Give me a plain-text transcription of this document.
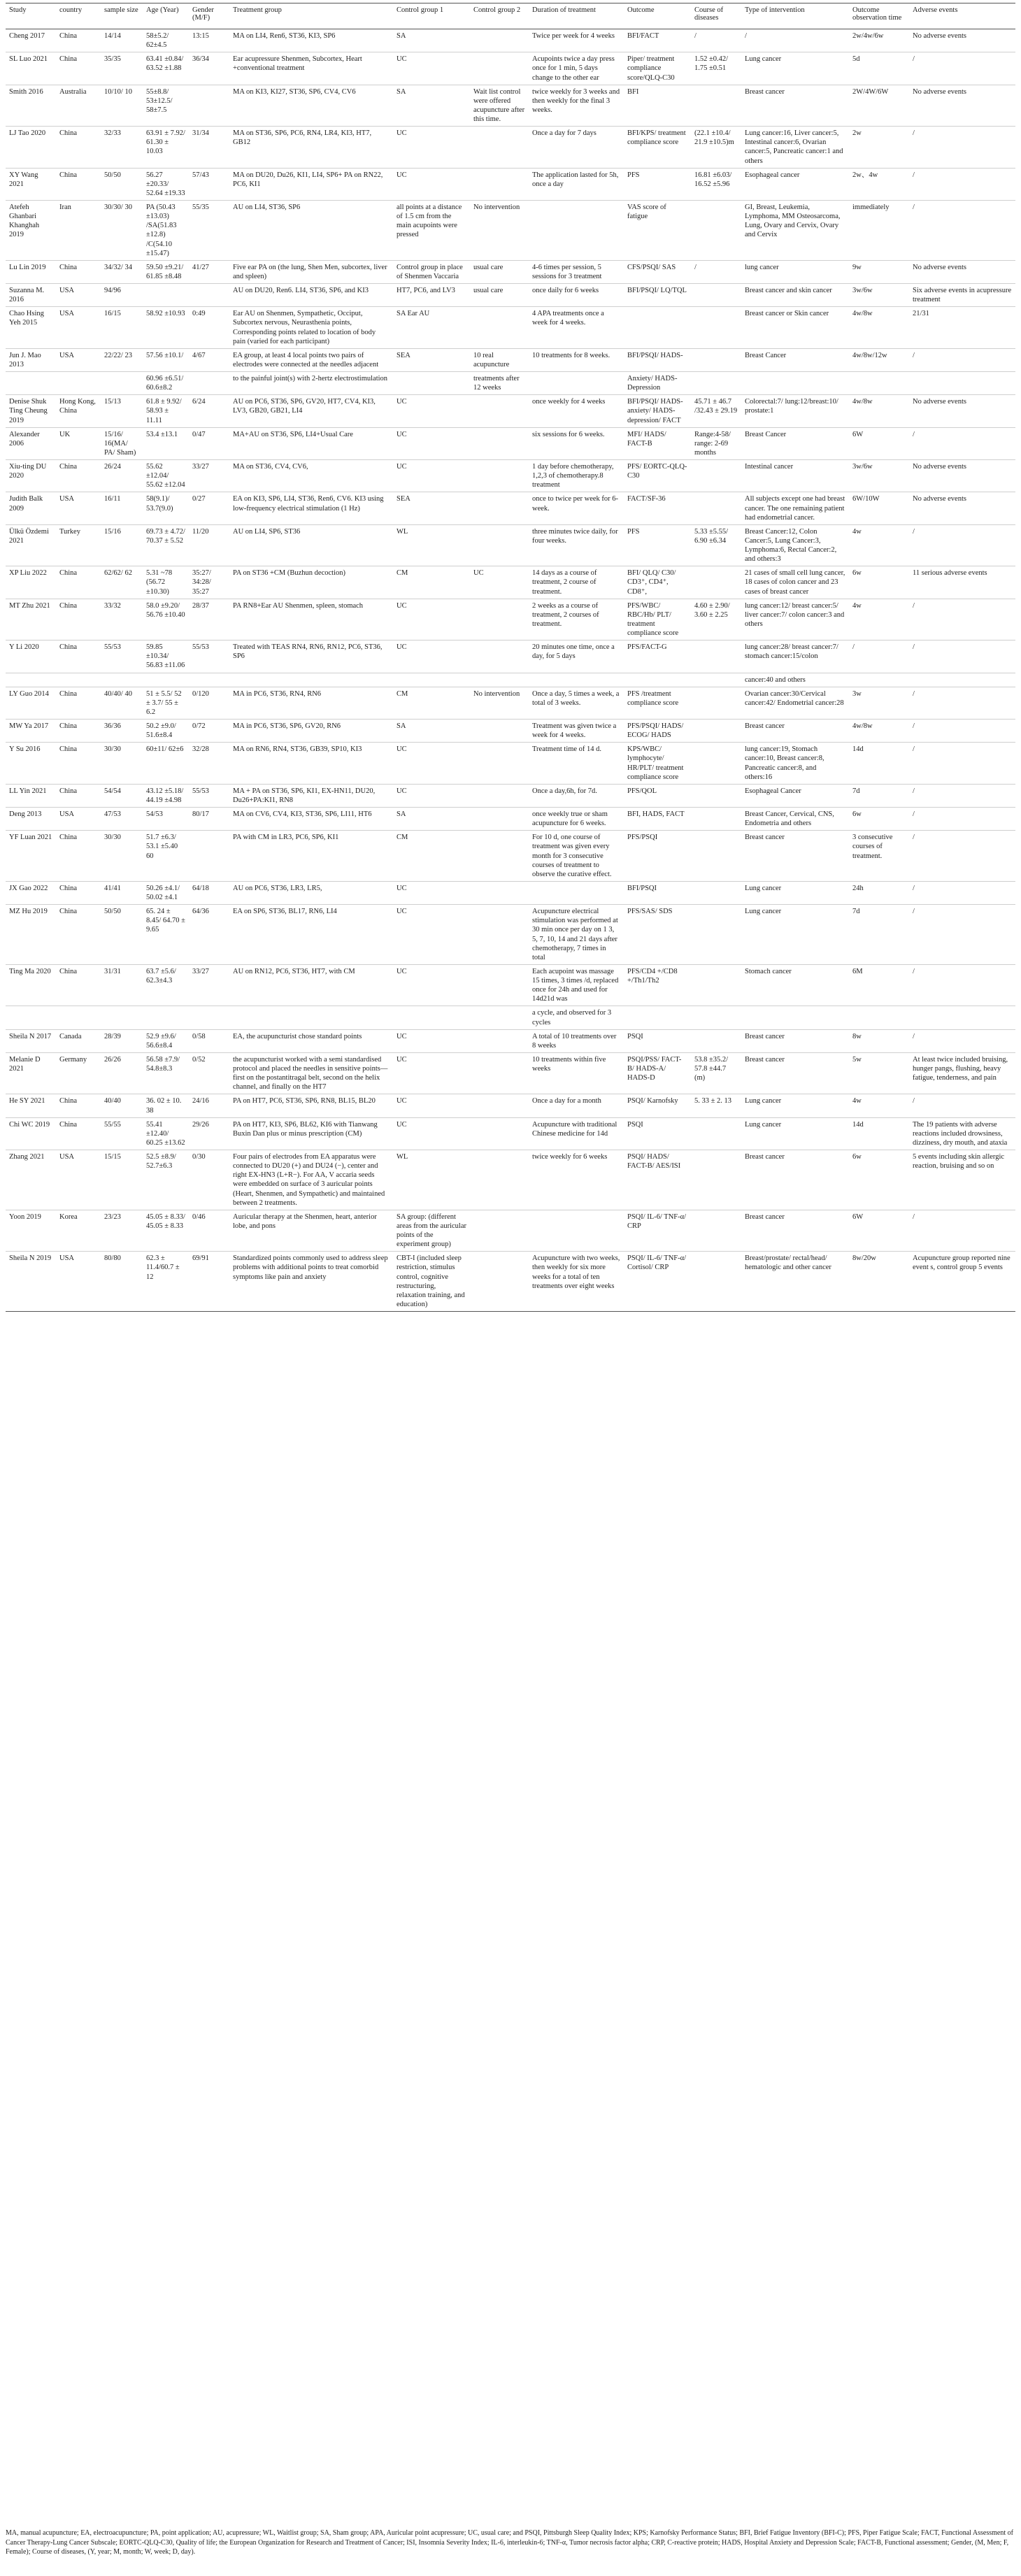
Study	country	sample size	Age (Year)	Gender (M/F)	Treatment group	Control group 1	Control group 2	Duration of treatment	Outcome	Course of diseases	Type of intervention	Outcome observation time	Adverse events
Cheng 2017	China	14/14	58±5.2/ 62±4.5	13:15	MA on LI4, Ren6, ST36, KI3, SP6	SA		Twice per week for 4 weeks	BFI/FACT	/	/	2w/4w/6w	No adverse events
SL Luo 2021	China	35/35	63.41 ±0.84/ 63.52 ±1.88	36/34	Ear acupressure Shenmen, Subcortex, Heart +conventional treatment	UC		Acupoints twice a day press once for 1 min, 5 days change to the other ear	Piper/ treatment compliance score/QLQ-C30	1.52 ±0.42/ 1.75 ±0.51	Lung cancer	5d	/
Smith 2016	Australia	10/10/ 10	55±8.8/ 53±12.5/ 58±7.5		MA on KI3, KI27, ST36, SP6, CV4, CV6	SA	Wait list control were offered acupuncture after this time.	twice weekly for 3 weeks and then weekly for the final 3 weeks.	BFI		Breast cancer	2W/4W/6W	No adverse events
LJ Tao 2020	China	32/33	63.91 ± 7.92/ 61.30 ± 10.03	31/34	MA on ST36, SP6, PC6, RN4, LR4, KI3, HT7, GB12	UC		Once a day for 7 days	BFI/KPS/ treatment compliance score	(22.1 ±10.4/ 21.9 ±10.5)m	Lung cancer:16, Liver cancer:5, Intestinal cancer:6, Ovarian cancer:5, Pancreatic cancer:1 and others	2w	/
XY Wang 2021	China	50/50	56.27 ±20.33/ 52.64 ±19.33	57/43	MA on DU20, Du26, KI1, LI4, SP6+ PA on RN22, PC6, KI1	UC		The application lasted for 5h, once a day	PFS	16.81 ±6.03/ 16.52 ±5.96	Esophageal cancer	2w、4w	/
Atefeh Ghanbari Khanghah 2019	Iran	30/30/ 30	PA (50.43 ±13.03) /SA(51.83 ±12.8) /C(54.10 ±15.47)	55/35	AU on LI4, ST36, SP6	all points at a distance of 1.5 cm from the main acupoints were pressed	No intervention		VAS score of fatigue		GI, Breast, Leukemia, Lymphoma, MM Osteosarcoma, Lung, Ovary and Cervix, Ovary and Cervix	immediately	/
Lu Lin 2019	China	34/32/ 34	59.50 ±9.21/ 61.85 ±8.48	41/27	Five ear PA on (the lung, Shen Men, subcortex, liver and spleen)	Control group in place of Shenmen Vaccaria	usual care	4-6 times per session, 5 sessions for 3 treatment	CFS/PSQI/ SAS	/	lung cancer	9w	No adverse events
Suzanna M. 2016	USA	94/96			AU on DU20, Ren6. LI4, ST36, SP6, and KI3	HT7, PC6, and LV3	usual care	once daily for 6 weeks	BFI/PSQI/ LQ/TQL		Breast cancer and skin cancer	3w/6w	Six adverse events in acupressure treatment
Chao Hsing Yeh 2015	USA	16/15	58.92 ±10.93	0:49	Ear AU on Shenmen, Sympathetic, Occiput, Subcortex nervous, Neurasthenia points, Corresponding points related to location of body pain (varied for each participant)	SA Ear AU		4 APA treatments once a week for 4 weeks.			Breast cancer or Skin cancer	4w/8w	21/31
Jun J. Mao 2013	USA	22/22/ 23	57.56 ±10.1/	4/67	EA group, at least 4 local points two pairs of electrodes were connected at the needles adjacent	SEA	10 real acupuncture	10 treatments for 8 weeks.	BFI/PSQI/ HADS-		Breast Cancer	4w/8w/12w	/
			60.96 ±6.51/ 60.6±8.2		to the painful joint(s) with 2-hertz electrostimulation		treatments after 12 weeks		Anxiety/ HADS-Depression				
Denise Shuk Ting Cheung 2019	Hong Kong, China	15/13	61.8 ± 9.92/ 58.93 ± 11.11	6/24	AU on PC6, ST36, SP6, GV20, HT7, CV4, KI3, LV3, GB20, GB21, LI4	UC		once weekly for 4 weeks	BFI/PSQI/ HADS-anxiety/ HADS-depression/ FACT	45.71 ± 46.7 /32.43 ± 29.19	Colorectal:7/ lung:12/breast:10/ prostate:1	4w/8w	No adverse events
Alexander 2006	UK	15/16/ 16(MA/ PA/ Sham)	53.4 ±13.1	0/47	MA+AU on ST36, SP6, LI4+Usual Care	UC		six sessions for 6 weeks.	MFI/ HADS/ FACT-B	Range:4-58/ range: 2-69 months	Breast Cancer	6W	/
Xiu-ting DU 2020	China	26/24	55.62 ±12.04/ 55.62 ±12.04	33/27	MA on ST36, CV4, CV6,	UC		1 day before chemotherapy, 1,2,3 of chemotherapy.8 treatment	PFS/ EORTC-QLQ-C30		Intestinal cancer	3w/6w	No adverse events
Judith Balk 2009	USA	16/11	58(9.1)/ 53.7(9.0)	0/27	EA on KI3, SP6, LI4, ST36, Ren6, CV6. KI3 using low-frequency electrical stimulation (1 Hz)	SEA		once to twice per week for 6-week.	FACT/SF-36		All subjects except one had breast cancer. The one remaining patient had endometrial cancer.	6W/10W	No adverse events
Ülkü Özdemi 2021	Turkey	15/16	69.73 ± 4.72/ 70.37 ± 5.52	11/20	AU on LI4, SP6, ST36	WL		three minutes twice daily, for four weeks.	PFS	5.33 ±5.55/ 6.90 ±6.34	Breast Cancer:12, Colon Cancer:5, Lung Cancer:3, Lymphoma:6, Rectal Cancer:2, and others:3	4w	/
XP Liu 2022	China	62/62/ 62	5.31 ~78 (56.72 ±10.30)	35:27/ 34:28/ 35:27	PA on ST36 +CM (Buzhun decoction)	CM	UC	14 days as a course of treatment, 2 course of treatment.	BFI/ QLQ/ C30/ CD3⁺, CD4⁺, CD8⁺,		21 cases of small cell lung cancer, 18 cases of colon cancer and 23 cases of breast cancer	6w	11 serious adverse events
MT Zhu 2021	China	33/32	58.0 ±9.20/ 56.76 ±10.40	28/37	PA RN8+Ear AU Shenmen, spleen, stomach	UC		2 weeks as a course of treatment, 2 courses of treatment.	PFS/WBC/ RBC/Hb/ PLT/ treatment compliance score	4.60 ± 2.90/ 3.60 ± 2.25	lung cancer:12/ breast cancer:5/ liver cancer:7/ colon cancer:3 and others	4w	/
Y Li 2020	China	55/53	59.85 ±10.34/ 56.83 ±11.06	55/53	Treated with TEAS RN4, RN6, RN12, PC6, ST36, SP6	UC		20 minutes one time, once a day, for 5 days	PFS/FACT-G		lung cancer:28/ breast cancer:7/ stomach cancer:15/colon	/	/
											cancer:40 and others		
LY Guo 2014	China	40/40/ 40	51 ± 5.5/ 52 ± 3.7/ 55 ± 6.2	0/120	MA in PC6, ST36, RN4, RN6	CM	No intervention	Once a day, 5 times a week, a total of 3 weeks.	PFS /treatment compliance score		Ovarian cancer:30/Cervical cancer:42/ Endometrial cancer:28	3w	/
MW Ya 2017	China	36/36	50.2 ±9.0/ 51.6±8.4	0/72	MA in PC6, ST36, SP6, GV20, RN6	SA		Treatment was given twice a week for 4 weeks.	PFS/PSQI/ HADS/ ECOG/ HADS		Breast cancer	4w/8w	/
Y Su 2016	China	30/30	60±11/ 62±6	32/28	MA on RN6, RN4, ST36, GB39, SP10, KI3	UC		Treatment time of 14 d.	KPS/WBC/ lymphocyte/ HR/PLT/ treatment compliance score		lung cancer:19, Stomach cancer:10, Breast cancer:8, Pancreatic cancer:8, and others:16	14d	/
LL Yin 2021	China	54/54	43.12 ±5.18/ 44.19 ±4.98	55/53	MA + PA on ST36, SP6, KI1, EX-HN11, DU20, Du26+PA:KI1, RN8	UC		Once a day,6h, for 7d.	PFS/QOL		Esophageal Cancer	7d	/
Deng 2013	USA	47/53	54/53	80/17	MA on CV6, CV4, KI3, ST36, SP6, LI11, HT6	SA		once weekly true or sham acupuncture for 6 weeks.	BFI, HADS, FACT		Breast Cancer, Cervical, CNS, Endometria and others	6w	/
YF Luan 2021	China	30/30	51.7 ±6.3/ 53.1 ±5.40 60		PA with CM in LR3, PC6, SP6, KI1	CM		For 10 d, one course of treatment was given every month for 3 consecutive courses of treatment to observe the curative effect.	PFS/PSQI		Breast cancer	3 consecutive courses of treatment.	/
JX Gao 2022	China	41/41	50.26 ±4.1/ 50.02 ±4.1	64/18	AU on PC6, ST36, LR3, LR5,	UC			BFI/PSQI		Lung cancer	24h	/
MZ Hu 2019	China	50/50	65. 24 ± 8.45/ 64.70 ± 9.65	64/36	EA on SP6, ST36, BL17, RN6, LI4	UC		Acupuncture electrical stimulation was performed at 30 min once per day on 1 3, 5, 7, 10, 14 and 21 days after chemotherapy, 7 times in total	PFS/SAS/ SDS		Lung cancer	7d	/
Ting Ma 2020	China	31/31	63.7 ±5.6/ 62.3±4.3	33/27	AU on RN12, PC6, ST36, HT7, with CM	UC		Each acupoint was massage 15 times, 3 times /d, replaced once for 24h and used for 14d21d was	PFS/CD4 +/CD8 +/Th1/Th2		Stomach cancer	6M	/
								a cycle, and observed for 3 cycles					
Sheila N 2017	Canada	28/39	52.9 ±9.6/ 56.6±8.4	0/58	EA, the acupuncturist chose standard points	UC		A total of 10 treatments over 8 weeks	PSQI		Breast cancer	8w	/
Melanie D 2021	Germany	26/26	56.58 ±7.9/ 54.8±8.3	0/52	the acupuncturist worked with a semi standardised protocol and placed the needles in sensitive points—first on the postantitragal belt, second on the helix channel, and finally on the HT7	UC		10 treatments within five weeks	PSQI/PSS/ FACT-B/ HADS-A/ HADS-D	53.8 ±35.2/ 57.8 ±44.7 (m)	Breast cancer	5w	At least twice included bruising, hunger pangs, flushing, heavy fatigue, tenderness, and pain
He SY 2021	China	40/40	36. 02 ± 10. 38	24/16	PA on HT7, PC6, ST36, SP6, RN8, BL15, BL20	UC		Once a day for a month	PSQI/ Karnofsky	5. 33 ± 2. 13	Lung cancer	4w	/
Chi WC 2019	China	55/55	55.41 ±12.40/ 60.25 ±13.62	29/26	PA on HT7, KI3, SP6, BL62, KI6 with Tianwang Buxin Dan plus or minus prescription (CM)	UC		Acupuncture with traditional Chinese medicine for 14d	PSQI		Lung cancer	14d	The 19 patients with adverse reactions included drowsiness, dizziness, dry mouth, and ataxia
Zhang 2021	USA	15/15	52.5 ±8.9/ 52.7±6.3	0/30	Four pairs of electrodes from EA apparatus were connected to DU20 (+) and DU24 (−), center and right EX-HN3 (L+R−). For AA, V accaria seeds were embedded on surface of 3 auricular points (Heart, Shenmen, and Sympathetic) and maintained between 2 treatments.	WL		twice weekly for 6 weeks	PSQI/ HADS/ FACT-B/ AES/ISI		Breast cancer	6w	5 events including skin allergic reaction, bruising and so on
Yoon 2019	Korea	23/23	45.05 ± 8.33/ 45.05 ± 8.33	0/46	Auricular therapy at the Shenmen, heart, anterior lobe, and pons	SA group: (different areas from the auricular points of the experiment group)			PSQI/ IL-6/ TNF-α/ CRP		Breast cancer	6W	/
Sheila N 2019	USA	80/80	62.3 ± 11.4/60.7 ± 12	69/91	Standardized points commonly used to address sleep problems with additional points to treat comorbid symptoms like pain and anxiety	CBT-I (included sleep restriction, stimulus control, cognitive restructuring, relaxation training, and education)		Acupuncture with two weeks, then weekly for six more weeks for a total of ten treatments over eight weeks	PSQI/ IL-6/ TNF-α/ Cortisol/ CRP		Breast/prostate/ rectal/head/ hematologic and other cancer	8w/20w	Acupuncture group reported nine event s, control group 5 events
MA, manual acupuncture; EA, electroacupuncture; PA, point application; AU, acupressure; WL, Waitlist group; SA, Sham group; APA, Auricular point acupressure; UC, usual care; and PSQI, Pittsburgh Sleep Quality Index; KPS; Karnofsky Performance Status; BFI, Brief Fatigue Inventory (BFI-C); PFS, Piper Fatigue Scale; FACT, Functional Assessment of Cancer Therapy-Lung Cancer Subscale; EORTC-QLQ-C30, Quality of life; the European Organization for Research and Treatment of Cancer; ISI, Insomnia Severity Index; IL-6, interleukin-6; TNF-α, Tumor necrosis factor alpha; CRP, C-reactive protein; HADS, Hospital Anxiety and Depression Scale; FACT-B, Functional assessment; Gender, (M, Men; F, Female); Course of diseases, (Y, year; M, month; W, week; D, day).
